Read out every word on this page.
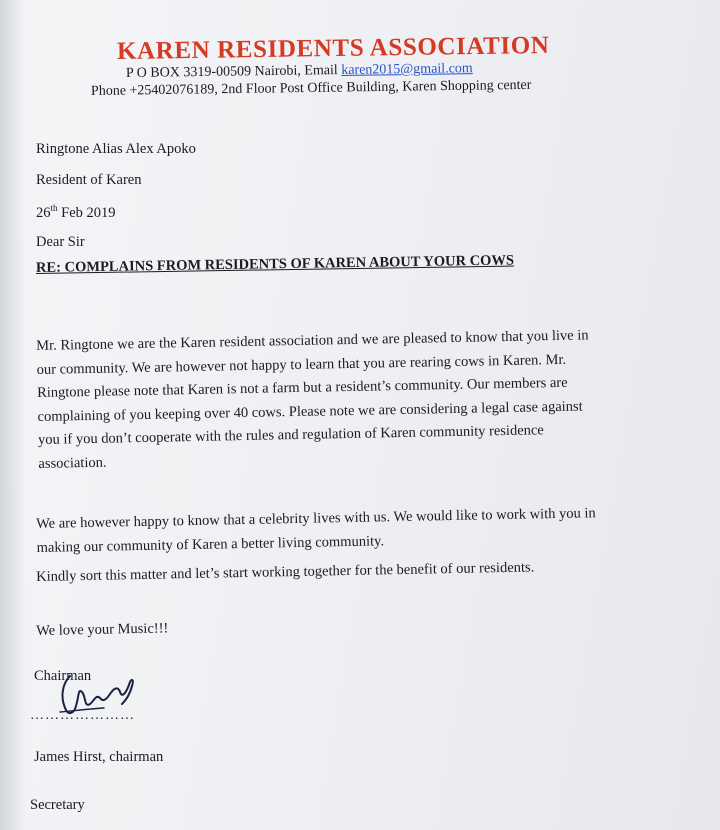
KAREN RESIDENTS ASSOCIATION
P O BOX 3319-00509 Nairobi, Email karen2015@gmail.com
Phone +25402076189, 2nd Floor Post Office Building, Karen Shopping center
Ringtone Alias Alex Apoko
Resident of Karen
26th Feb 2019
Dear Sir
RE: COMPLAINS FROM RESIDENTS OF KAREN ABOUT YOUR COWS

Mr. Ringtone we are the Karen resident association and we are pleased to know that you live in

our community. We are however not happy to learn that you are rearing cows in Karen. Mr.

Ringtone please note that Karen is not a farm but a resident’s community. Our members are

complaining of you keeping over 40 cows. Please note we are considering a legal case against

you if you don’t cooperate with the rules and regulation of Karen community residence

association.

We are however happy to know that a celebrity lives with us. We would like to work with you in

making our community of Karen a better living community.

Kindly sort this matter and let’s start working together for the benefit of our residents.

We love your Music!!!

Chairman
…………………
James Hirst, chairman
Secretary
